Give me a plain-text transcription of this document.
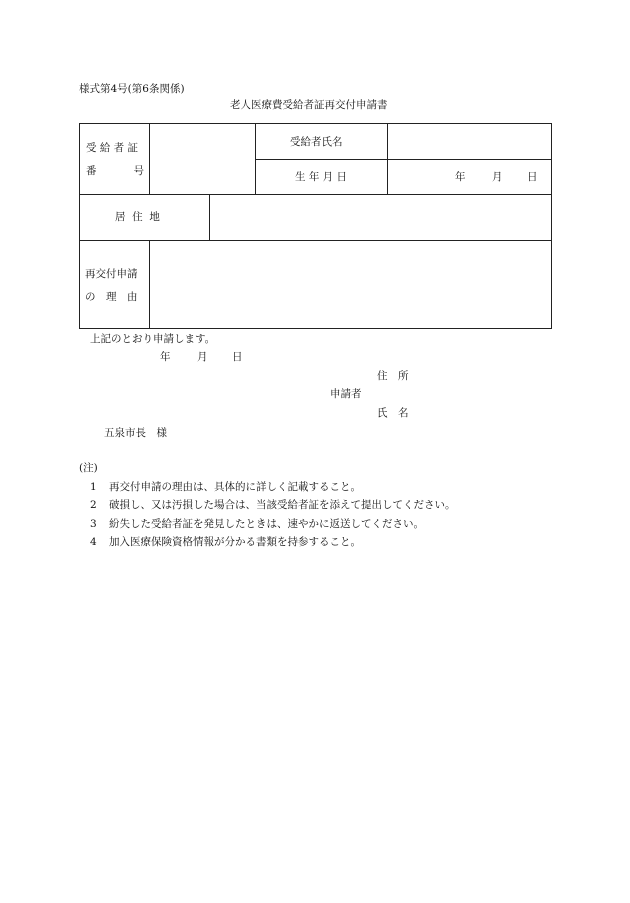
様式第4号(第6条関係)
老人医療費受給者証再交付申請書
受 給 者 証
番	号
受給者氏名
生 年 月 日	年	月 日
居  住  地
再交付申請
の　理　由
上記のとおり申請します。
年	月 日
住　所
申請者
氏　名
五泉市長　様
(注)
1 再交付申請の理由は、具体的に詳しく記載すること。
2 破損し、又は汚損した場合は、当該受給者証を添えて提出してください。
3 紛失した受給者証を発見したときは、速やかに返送してください。
4 加入医療保険資格情報が分かる書類を持参すること。
